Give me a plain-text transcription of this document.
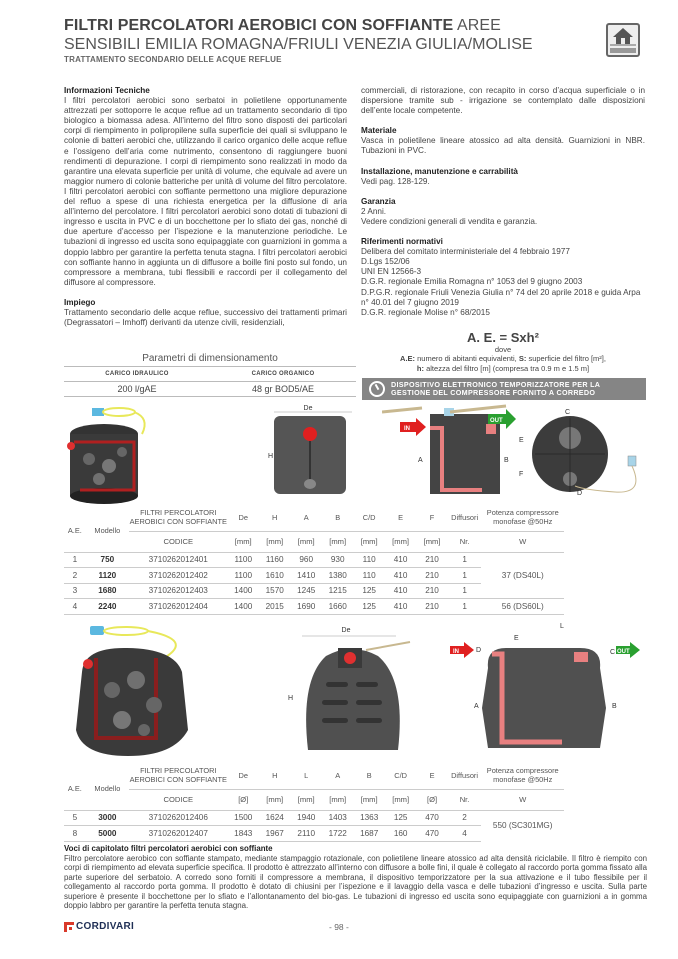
FILTRI PERCOLATORI AEROBICI CON SOFFIANTE AREE
SENSIBILI EMILIA ROMAGNA/FRIULI VENEZIA GIULIA/MOLISE
TRATTAMENTO SECONDARIO DELLE ACQUE REFLUE
Informazioni Tecniche

I filtri percolatori aerobici sono serbatoi in polietilene opportunamente attrezzati per sottoporre le acque reflue ad un trattamento secondario di tipo biologico a biomassa adesa. All’interno del filtro sono disposti dei particolari corpi di riempimento in polipropilene sulla superficie dei quali si sviluppano le colonie di batteri aerobici che, utilizzando il carico organico delle acque reflue e l’ossigeno dell’aria come nutrimento, consentono di raggiungere buoni rendimenti di depurazione. I corpi di riempimento sono realizzati in modo da garantire una elevata superficie per unità di volume, che equivale ad avere un maggior numero di colonie batteriche per unità di volume del filtro percolatore. I filtri percolatori aerobici con soffiante permettono una migliore depurazione del refluo a spese di una richiesta energetica per la diffusione di aria all’interno del percolatore. I filtri percolatori aerobici sono dotati di tubazioni di ingresso e uscita in PVC e di un bocchettone per lo sfiato dei gas, nonché di due aperture d’accesso per l’ispezione e la manutenzione periodiche. Le tubazioni di ingresso ed uscita sono equipaggiate con guarnizioni in gomma a doppio labbro per garantire la perfetta tenuta stagna. I filtri percolatori aerobici con soffiante hanno in aggiunta un di diffusore a boille fini posto sul fondo, un compressore a membrana, tubi flessibili e raccordi per il collegamento del diffusore al compressore.

Impiego

Trattamento secondario delle acque reflue, successivo dei trattamenti primari (Degrassatori – Imhoff) derivanti da utenze civili, residenziali,

commerciali, di ristorazione, con recapito in corso d’acqua superficiale o in dispersione tramite sub - irrigazione se contemplato dalle disposizioni dell’ente locale competente.

Materiale

Vasca in polietilene lineare atossico ad alta densità. Guarnizioni in NBR. Tubazioni in PVC.

Installazione, manutenzione e carrabilità

Vedi pag. 128-129.

Garanzia

2 Anni.

Vedere condizioni generali di vendita e garanzia.

Riferimenti normativi

Delibera del comitato interministeriale del 4 febbraio 1977

D.Lgs 152/06

UNI EN 12566-3

D.G.R. regionale Emilia Romagna n° 1053 del 9 giugno 2003

D.P.G.R. regionale Friuli Venezia Giulia n° 74 del 20 aprile 2018 e guida Arpa n° 40.01 del 7 giugno 2019

D.G.R. regionale Molise n° 68/2015

A. E. = Sxh²
dove
A.E: numero di abitanti equivalenti, S: superficie del filtro [m²],
h: altezza del filtro [m] (compresa tra 0.9 m e 1.5 m]
Parametri di dimensionamento
CARICO IDRAULICO	CARICO ORGANICO
200 l/gAE	48 gr BOD5/AE	DISPOSITIVO ELETTRONICO TEMPORIZZATORE PER LA
GESTIONE DEL COMPRESSORE FORNITO A CORREDO
De
H
IN
A	B
OUT
C
E
F
D
A.E.	Modello	FILTRI PERCOLATORI AEROBICI CON SOFFIANTE	De	H	A	B	C/D	E	F	Diffusori	Potenza compressore monofase @50Hz
		CODICE	[mm]	[mm]	[mm]	[mm]	[mm]	[mm]	[mm]	Nr.	W
1	750	3710262012401	1100	1160	960	930	110	410	210	1	37 (DS40L)
2	1120	3710262012402	1100	1610	1410	1380	110	410	210	1	
3	1680	3710262012403	1400	1570	1245	1215	125	410	210	1	
4	2240	3710262012404	1400	2015	1690	1660	125	410	210	1	56 (DS60L)
De
H
L
E
IN D	C OUT
A	B
A.E.	Modello	FILTRI PERCOLATORI AEROBICI CON SOFFIANTE	De	H	L	A	B	C/D	E	Diffusori	Potenza compressore monofase @50Hz
		CODICE	[Ø]	[mm]	[mm]	[mm]	[mm]	[mm]	[Ø]	Nr.	W
5	3000	3710262012406	1500	1624	1940	1403	1363	125	470	2	550 (SC301MG)
8	5000	3710262012407	1843	1967	2110	1722	1687	160	470	4	
Voci di capitolato filtri percolatori aerobici con soffiante
Filtro percolatore aerobico con soffiante stampato, mediante stampaggio rotazionale, con polietilene lineare atossico ad alta densità riciclabile. Il filtro è riempito con corpi di riempimento ad elevata superficie specifica. Il prodotto è attrezzato all’interno con diffusore a bolle fini, il quale è collegato al raccordo porta gomma fissato alla parte superiore del serbatoio. A corredo sono forniti il compressore a membrana, il dispositivo temporizzatore per la sua attivazione e il tubo flessibile per il collegamento al raccordo porta gomma. Il prodotto è dotato di chiusini per l’ispezione e il lavaggio della vasca e delle tubazioni d’ingresso e uscita. Sulla parte superiore è presente il bocchettone per lo sfiato e l’allontanamento del bio-gas. Le tubazioni di ingresso ed uscita sono equipaggiate con guarnizioni a in gomma doppio labbro per garantire la perfetta tenuta stagna.
CORDIVARI	- 98 -
